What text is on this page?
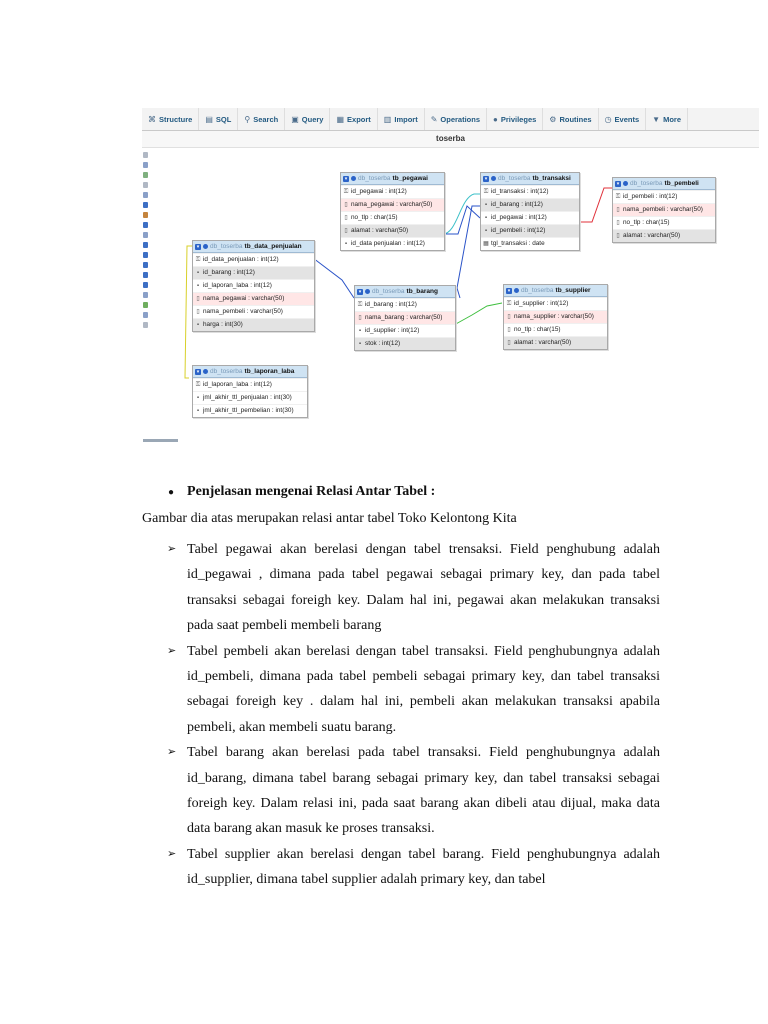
⌘ Structure ▤ SQL ⚲ Search ▣ Query ▦ Export ▥ Import ✎ Operations ● Privileges ⚙ Routines ◷ Events ▼ More
toserba
▾ db_toserba tb_pegawai
⚿ id_pegawai : int(12)
▯ nama_pegawai : varchar(50)
▯ no_tlp : char(15)
▯ alamat : varchar(50)
▪ id_data penjualan : int(12)
▾ db_toserba tb_transaksi
⚿ id_transaksi : int(12)
▪ id_barang : int(12)
▪ id_pegawai : int(12)
▪ id_pembeli : int(12)
▦ tgl_transaksi : date
▾ db_toserba tb_pembeli
⚿ id_pembeli : int(12)
▯ nama_pembeli : varchar(50)
▯ no_tlp : char(15)
▯ alamat : varchar(50)
▾ db_toserba tb_data_penjualan
⚿ id_data_penjualan : int(12)
▪ id_barang : int(12)
▪ id_laporan_laba : int(12)
▯ nama_pegawai : varchar(50)
▯ nama_pembeli : varchar(50)
▪ harga : int(30)
▾ db_toserba tb_barang
⚿ id_barang : int(12)
▯ nama_barang : varchar(50)
▪ id_supplier : int(12)
▪ stok : int(12)
▾ db_toserba tb_supplier
⚿ id_supplier : int(12)
▯ nama_supplier : varchar(50)
▯ no_tlp : char(15)
▯ alamat : varchar(50)
▾ db_toserba tb_laporan_laba
⚿ id_laporan_laba : int(12)
▪ jml_akhir_ttl_penjualan : int(30)
▪ jml_akhir_ttl_pembelian : int(30)
● Penjelasan mengenai Relasi Antar Tabel :
Gambar dia atas merupakan relasi antar tabel Toko Kelontong Kita
➢ Tabel pegawai akan berelasi dengan tabel trensaksi. Field penghubung adalah id_pegawai , dimana pada tabel pegawai sebagai primary key, dan pada tabel transaksi sebagai foreigh key. Dalam hal ini, pegawai akan melakukan transaksi pada saat pembeli membeli barang

➢ Tabel pembeli akan berelasi dengan tabel transaksi. Field penghubungnya adalah id_pembeli, dimana pada tabel pembeli sebagai primary key, dan tabel transaksi sebagai foreigh key . dalam hal ini, pembeli akan melakukan transaksi apabila pembeli, akan membeli suatu barang.

➢ Tabel barang akan berelasi pada tabel transaksi. Field penghubungnya adalah id_barang, dimana tabel barang sebagai primary key, dan tabel transaksi sebagai foreigh key. Dalam relasi ini, pada saat barang akan dibeli atau dijual, maka data data barang akan masuk ke proses transaksi.

➢ Tabel supplier akan berelasi dengan tabel barang. Field penghubungnya adalah id_supplier, dimana tabel supplier adalah primary key, dan tabel
